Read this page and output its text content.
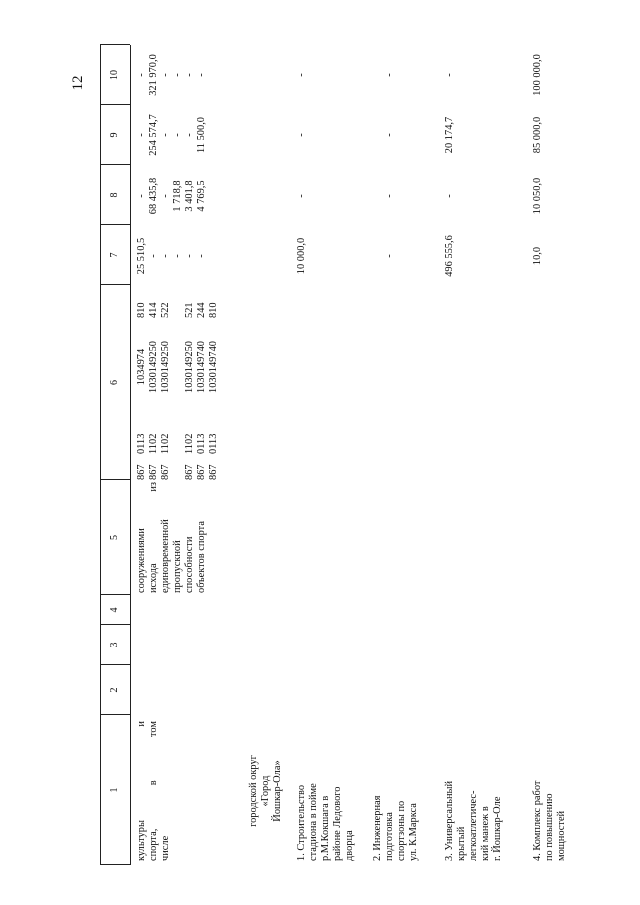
12
1
2
3
4
5
6
7
8
9
10
культуры
и
спорта,
в
том
числе
сооружениями исхода
из
единовременной пропускной способности объектов спорта
86701131034974810
86711021030149250414
86711021030149250522
86711021030149250521
86701131030149740244
86701131030149740810
25 510,5 - - - - -
- 68 435,8 - 1 718,8 3 401,8 4 769,5
- 254 574,7 - - - 11 500,0
- 321 970,0 - - - -
городской округ «Город Йошкар-Ола» 1. Строительство стадиона в пойме р.М.Кокшага в районе Ледового дворца
10 000,0
-
-
-
2. Инженерная подготовка спортзоны по ул. К.Маркса
-
-
-
-
3. Универсальный крытый легкоатлетичес- кий манеж в г. Йошкар-Оле
496 555,6
-
20 174,7
-
4. Комплекс работ по повышению мощностей
10,0
10 050,0
85 000,0
100 000,0
